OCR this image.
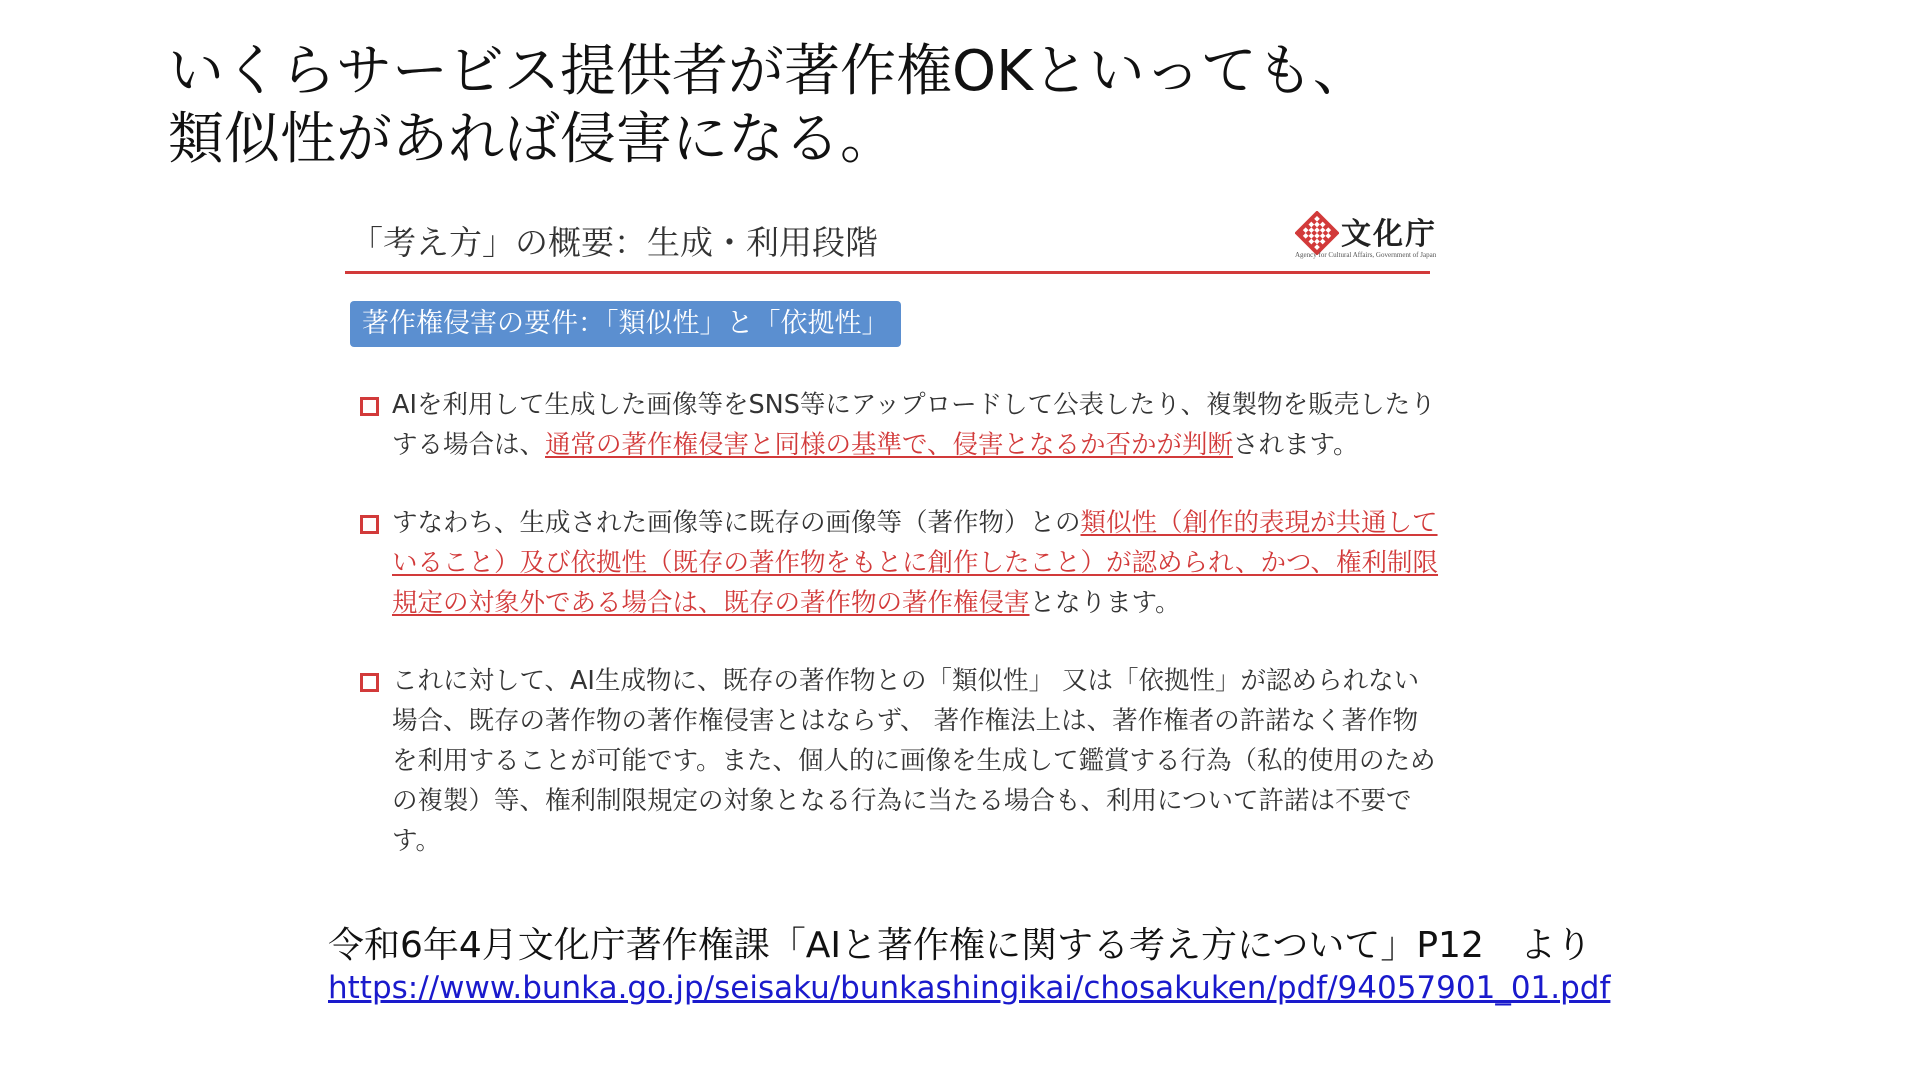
いくらサービス提供者が著作権OKといっても、
類似性があれば侵害になる。
「考え方」の概要：生成・利用段階	文化庁
Agency for Cultural Affairs, Government of Japan
著作権侵害の要件：「類似性」と「依拠性」
AIを利用して生成した画像等をSNS等にアップロードして公表したり、複製物を販売したりする場合は、通常の著作権侵害と同様の基準で、侵害となるか否かが判断されます。
すなわち、生成された画像等に既存の画像等（著作物）との類似性（創作的表現が共通していること）及び依拠性（既存の著作物をもとに創作したこと）が認められ、かつ、権利制限規定の対象外である場合は、既存の著作物の著作権侵害となります。
これに対して、AI生成物に、既存の著作物との「類似性」 又は「依拠性」が認められない場合、既存の著作物の著作権侵害とはならず、 著作権法上は、著作権者の許諾なく著作物を利用することが可能です。また、個人的に画像を生成して鑑賞する行為（私的使用のための複製）等、権利制限規定の対象となる行為に当たる場合も、利用について許諾は不要です。
令和6年4月文化庁著作権課「AIと著作権に関する考え方について」P12　より
https://www.bunka.go.jp/seisaku/bunkashingikai/chosakuken/pdf/94057901_01.pdf
